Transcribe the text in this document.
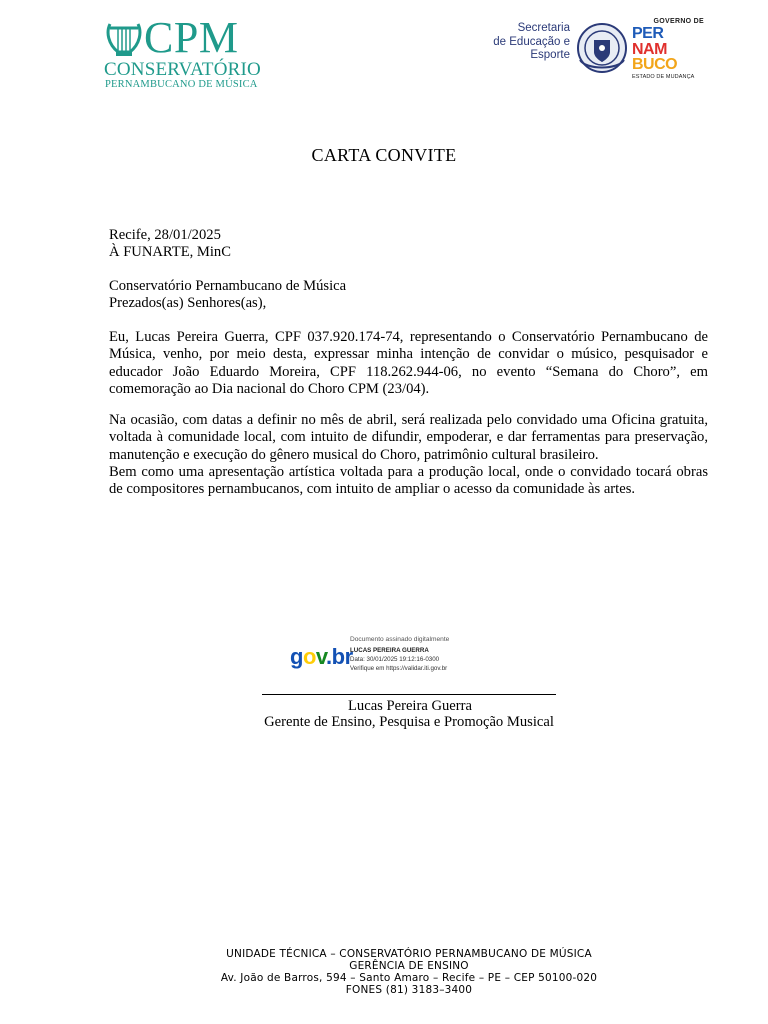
CPM
CONSERVATÓRIO
PERNAMBUCANO DE MÚSICA
Secretaria
de Educação e
Esporte
GOVERNO DE
PER
NAM
BUCO
ESTADO DE MUDANÇA
CARTA CONVITE

Recife, 28/01/2025

À FUNARTE, MinC

Conservatório Pernambucano de Música

Prezados(as) Senhores(as),

Eu, Lucas Pereira Guerra, CPF 037.920.174-74, representando o Conservatório Pernambucano de Música, venho, por meio desta, expressar minha intenção de convidar o músico, pesquisador e educador João Eduardo Moreira, CPF 118.262.944-06, no evento “Semana do Choro”, em comemoração ao Dia nacional do Choro CPM (23/04).

Na ocasião, com datas a definir no mês de abril, será realizada pelo convidado uma Oficina gratuita, voltada à comunidade local, com intuito de difundir, empoderar, e dar ferramentas para preservação, manutenção e execução do gênero musical do Choro, patrimônio cultural brasileiro.

Bem como uma apresentação artística voltada para a produção local, onde o convidado tocará obras de compositores pernambucanos, com intuito de ampliar o acesso da comunidade às artes.

gov.br
Documento assinado digitalmente
LUCAS PEREIRA GUERRA
Data: 30/01/2025 19:12:16-0300
Verifique em https://validar.iti.gov.br
Lucas Pereira Guerra
Gerente de Ensino, Pesquisa e Promoção Musical
UNIDADE TÉCNICA – CONSERVATÓRIO PERNAMBUCANO DE MÚSICA
GERÊNCIA DE ENSINO
Av. João de Barros, 594 – Santo Amaro – Recife – PE – CEP 50100-020
FONES (81) 3183–3400
